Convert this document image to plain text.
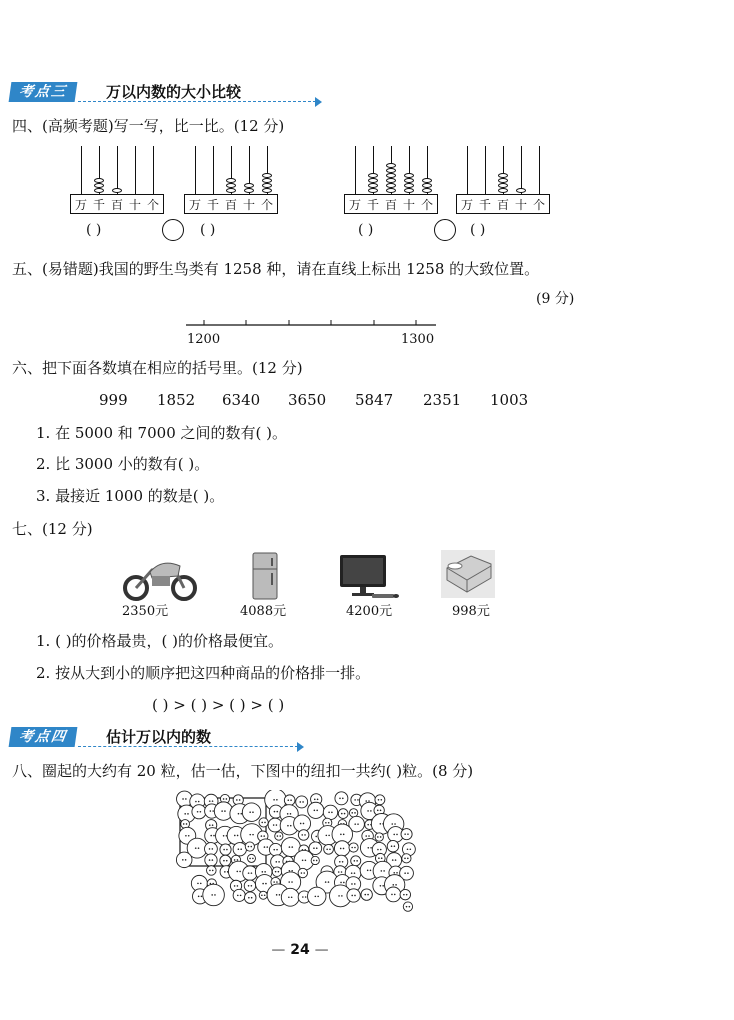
考点三	万以内数的大小比较
四、(高频考题)写一写，比一比。(12 分)
万 千 百 十 个 万 千 百 十 个	万 千 百 十 个 万 千 百 十 个
( )	( )	( )	( )
五、(易错题)我国的野生鸟类有 1258 种，请在直线上标出 1258 的大致位置。
(9 分)
1200	1300
六、把下面各数填在相应的括号里。(12 分)
999 1852 6340 3650 5847 2351 1003
1. 在 5000 和 7000 之间的数有( )。
2. 比 3000 小的数有( )。
3. 最接近 1000 的数是( )。
七、(12 分)
2350元	4088元	4200元	998元
1. ( )的价格最贵，( )的价格最便宜。
2. 按从大到小的顺序把这四种商品的价格排一排。
( ) > ( ) > ( ) > ( )
考点四	估计万以内的数
八、圈起的大约有 20 粒，估一估，下图中的纽扣一共约( )粒。(8 分)
— 24 —
